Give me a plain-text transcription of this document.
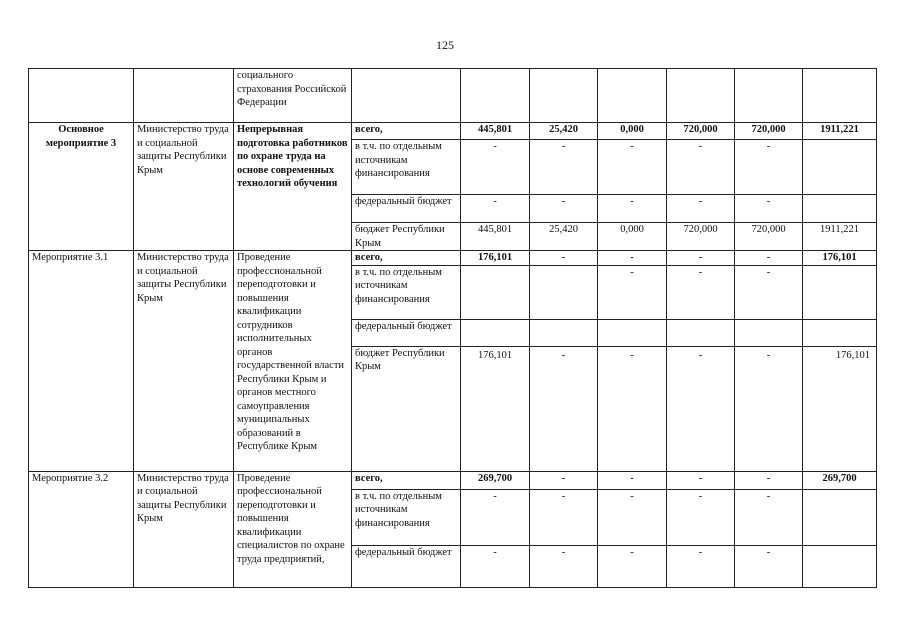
125
		социального страхования Российской Федерации							
Основное мероприятие 3	Министерство труда и социальной защиты Республики Крым	Непрерывная подготовка работников по охране труда на основе современных технологий обучения	всего,	445,801	25,420	0,000	720,000	720,000	1911,221
			в т.ч. по отдельным источникам финансирования	-	-	-	-	-	
			федеральный бюджет	-	-	-	-	-	
			бюджет Республики Крым	445,801	25,420	0,000	720,000	720,000	1911,221
Мероприятие 3.1	Министерство труда и социальной защиты Республики Крым	Проведение профессиональной переподготовки и повышения квалификации сотрудников исполнительных органов государственной власти Республики Крым и органов местного самоуправления муниципальных образований в Республике Крым	всего,	176,101	-	-	-	-	176,101
			в т.ч. по отдельным источникам финансирования			-	-	-	
			федеральный бюджет						
			бюджет Республики Крым	176,101	-	-	-	-	176,101
Мероприятие 3.2	Министерство труда и социальной защиты Республики Крым	Проведение профессиональной переподготовки и повышения квалификации специалистов по охране труда предприятий,	всего,	269,700	-	-	-	-	269,700
			в т.ч. по отдельным источникам финансирования	-	-	-	-	-	
			федеральный бюджет	-	-	-	-	-	
